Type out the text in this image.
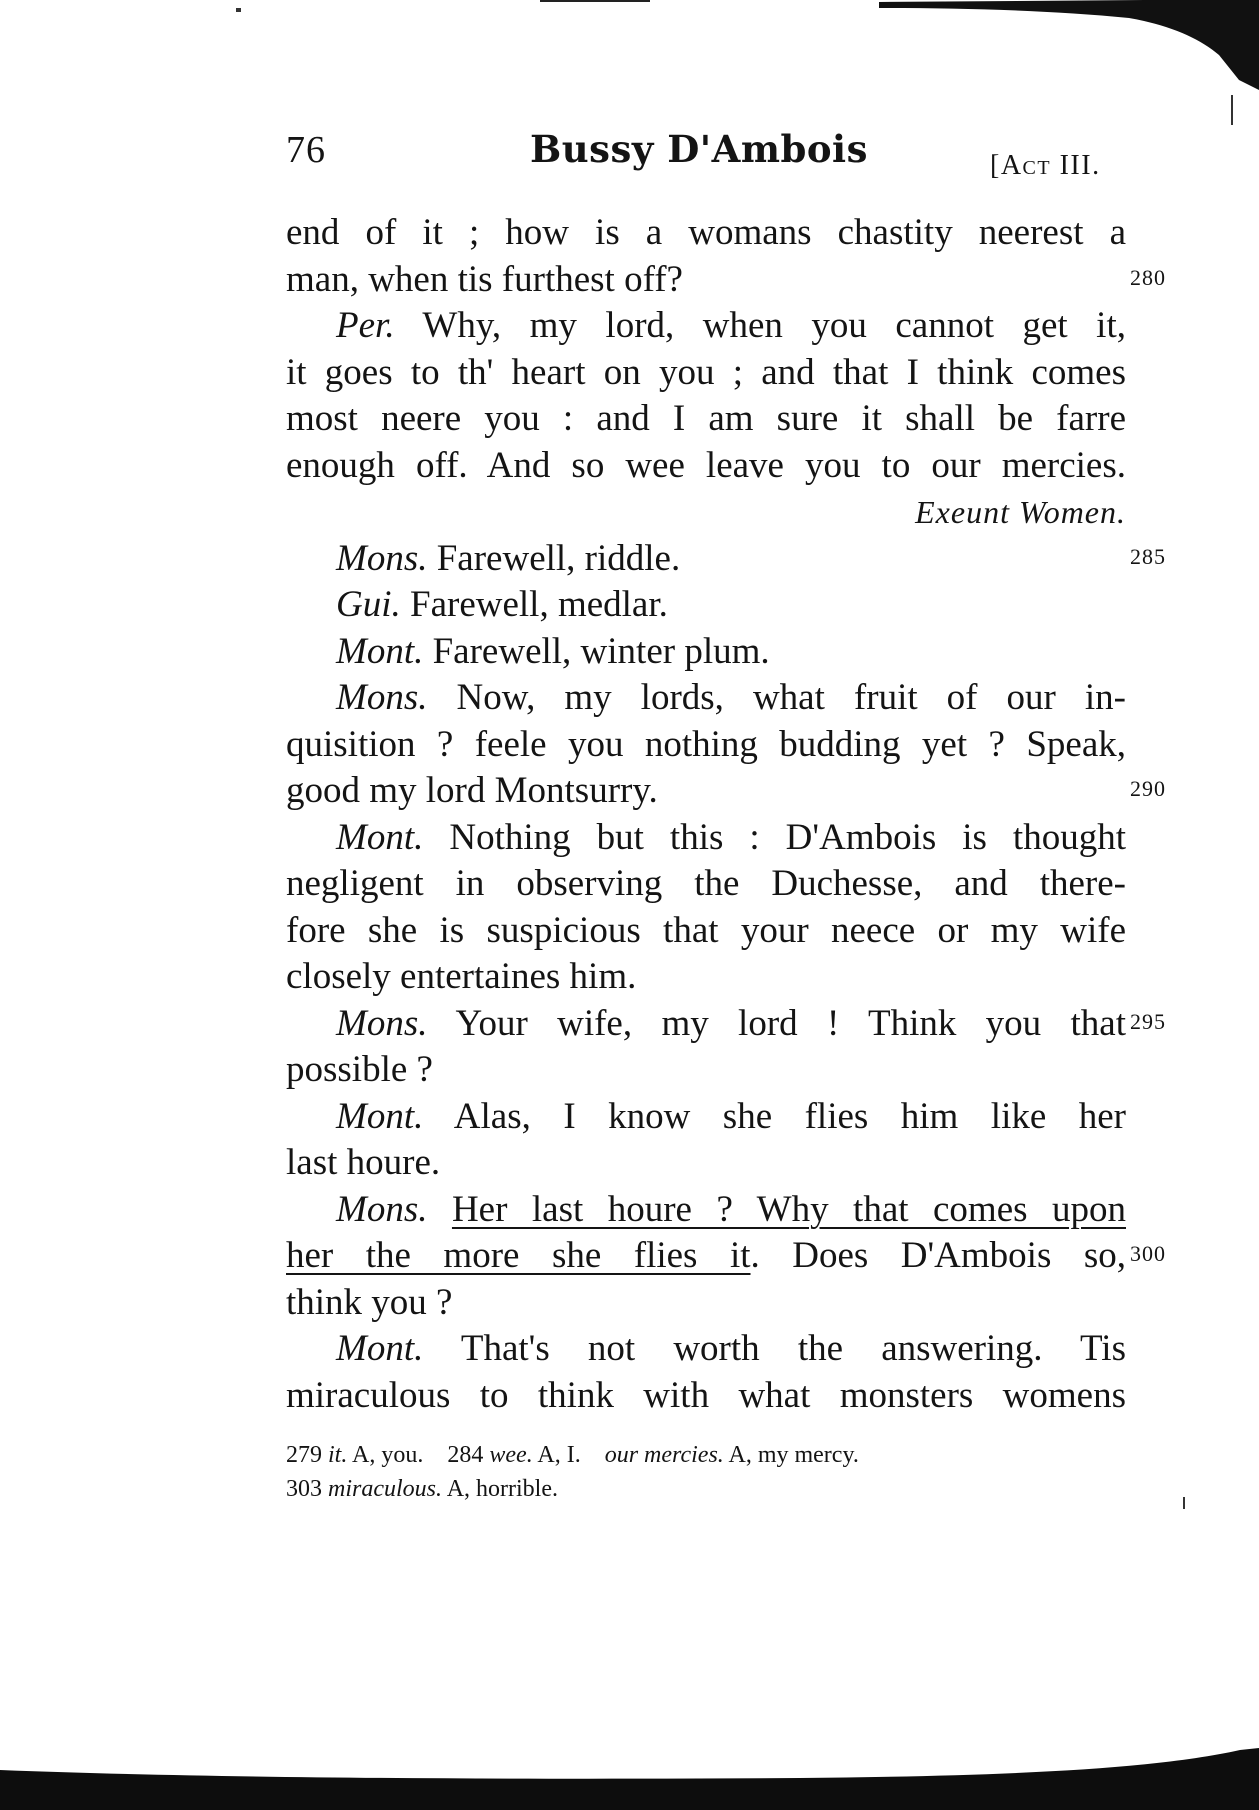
76	Bussy D'Ambois	[Act III.
end of it ; how is a womans chastity neerest a
man, when tis furthest off?	280
Per. Why, my lord, when you cannot get it,
it goes to th' heart on you ; and that I think comes
most neere you : and I am sure it shall be farre
enough off. And so wee leave you to our mercies.
Exeunt Women.
Mons. Farewell, riddle.	285
Gui. Farewell, medlar.
Mont. Farewell, winter plum.
Mons. Now, my lords, what fruit of our in-
quisition ? feele you nothing budding yet ? Speak,
good my lord Montsurry.	290
Mont. Nothing but this : D'Ambois is thought
negligent in observing the Duchesse, and there-
fore she is suspicious that your neece or my wife
closely entertaines him.
Mons. Your wife, my lord ! Think you that 295
possible ?
Mont. Alas, I know she flies him like her
last houre.
Mons. Her last houre ? Why that comes upon
her the more she flies it. Does D'Ambois so, 300
think you ?
Mont. That's not worth the answering. Tis
miraculous to think with what monsters womens
279 it. A, you. 284 wee. A, I. our mercies. A, my mercy.
303 miraculous. A, horrible.
